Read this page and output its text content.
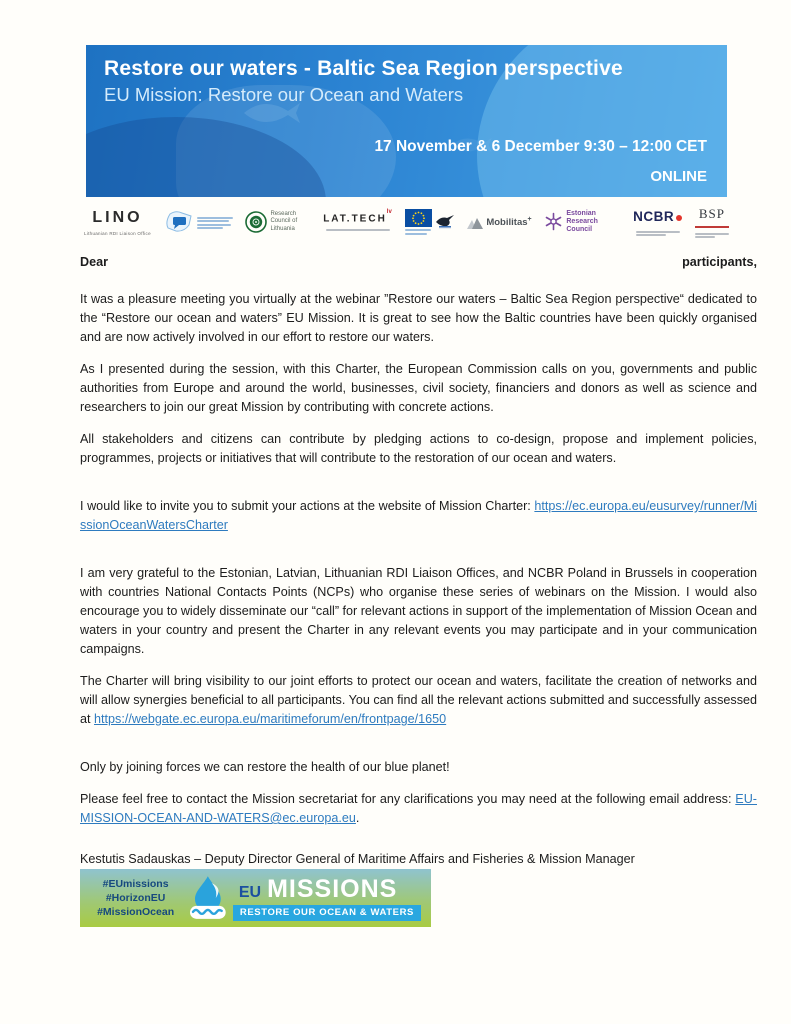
Restore our waters - Baltic Sea Region perspective
EU Mission: Restore our Ocean and Waters
17 November & 6 December 9:30 – 12:00 CET
ONLINE
LINO
Lithuanian RDI Liaison Office
Research Council of Lithuania
$LAT.TECH^{lv}$
Mobilitas+
Estonian Research Council
NCBR	BSP
Dear	participants,

It was a pleasure meeting you virtually at the webinar ”Restore our waters – Baltic Sea Region perspective“ dedicated to the “Restore our ocean and waters” EU Mission. It is great to see how the Baltic countries have been quickly organised and are now actively involved in our effort to restore our waters.

As I presented during the session, with this Charter, the European Commission calls on you, governments and public authorities from Europe and around the world, businesses, civil society, financiers and donors as well as science and researchers to join our great Mission by contributing with concrete actions.

All stakeholders and citizens can contribute by pledging actions to co-design, propose and implement policies, programmes, projects or initiatives that will contribute to the restoration of our ocean and waters.

I would like to invite you to submit your actions at the website of Mission Charter: https://ec.europa.eu/eusurvey/runner/MissionOceanWatersCharter

I am very grateful to the Estonian, Latvian, Lithuanian RDI Liaison Offices, and NCBR Poland in Brussels in cooperation with countries National Contacts Points (NCPs) who organise these series of webinars on the Mission. I would also encourage you to widely disseminate our “call” for relevant actions in support of the implementation of Mission Ocean and waters in your country and present the Charter in any relevant events you may participate and in your communication campaigns.

The Charter will bring visibility to our joint efforts to protect our ocean and waters, facilitate the creation of networks and will allow synergies beneficial to all participants. You can find all the relevant actions submitted and successfully assessed at https://webgate.ec.europa.eu/maritimeforum/en/frontpage/1650

Only by joining forces we can restore the health of our blue planet!

Please feel free to contact the Mission secretariat for any clarifications you may need at the following email address: EU-MISSION-OCEAN-AND-WATERS@ec.europa.eu.

Kestutis Sadauskas – Deputy Director General of Maritime Affairs and Fisheries & Mission Manager

#EUmissions
#HorizonEU
#MissionOcean
EU MISSIONS
RESTORE OUR OCEAN & WATERS
